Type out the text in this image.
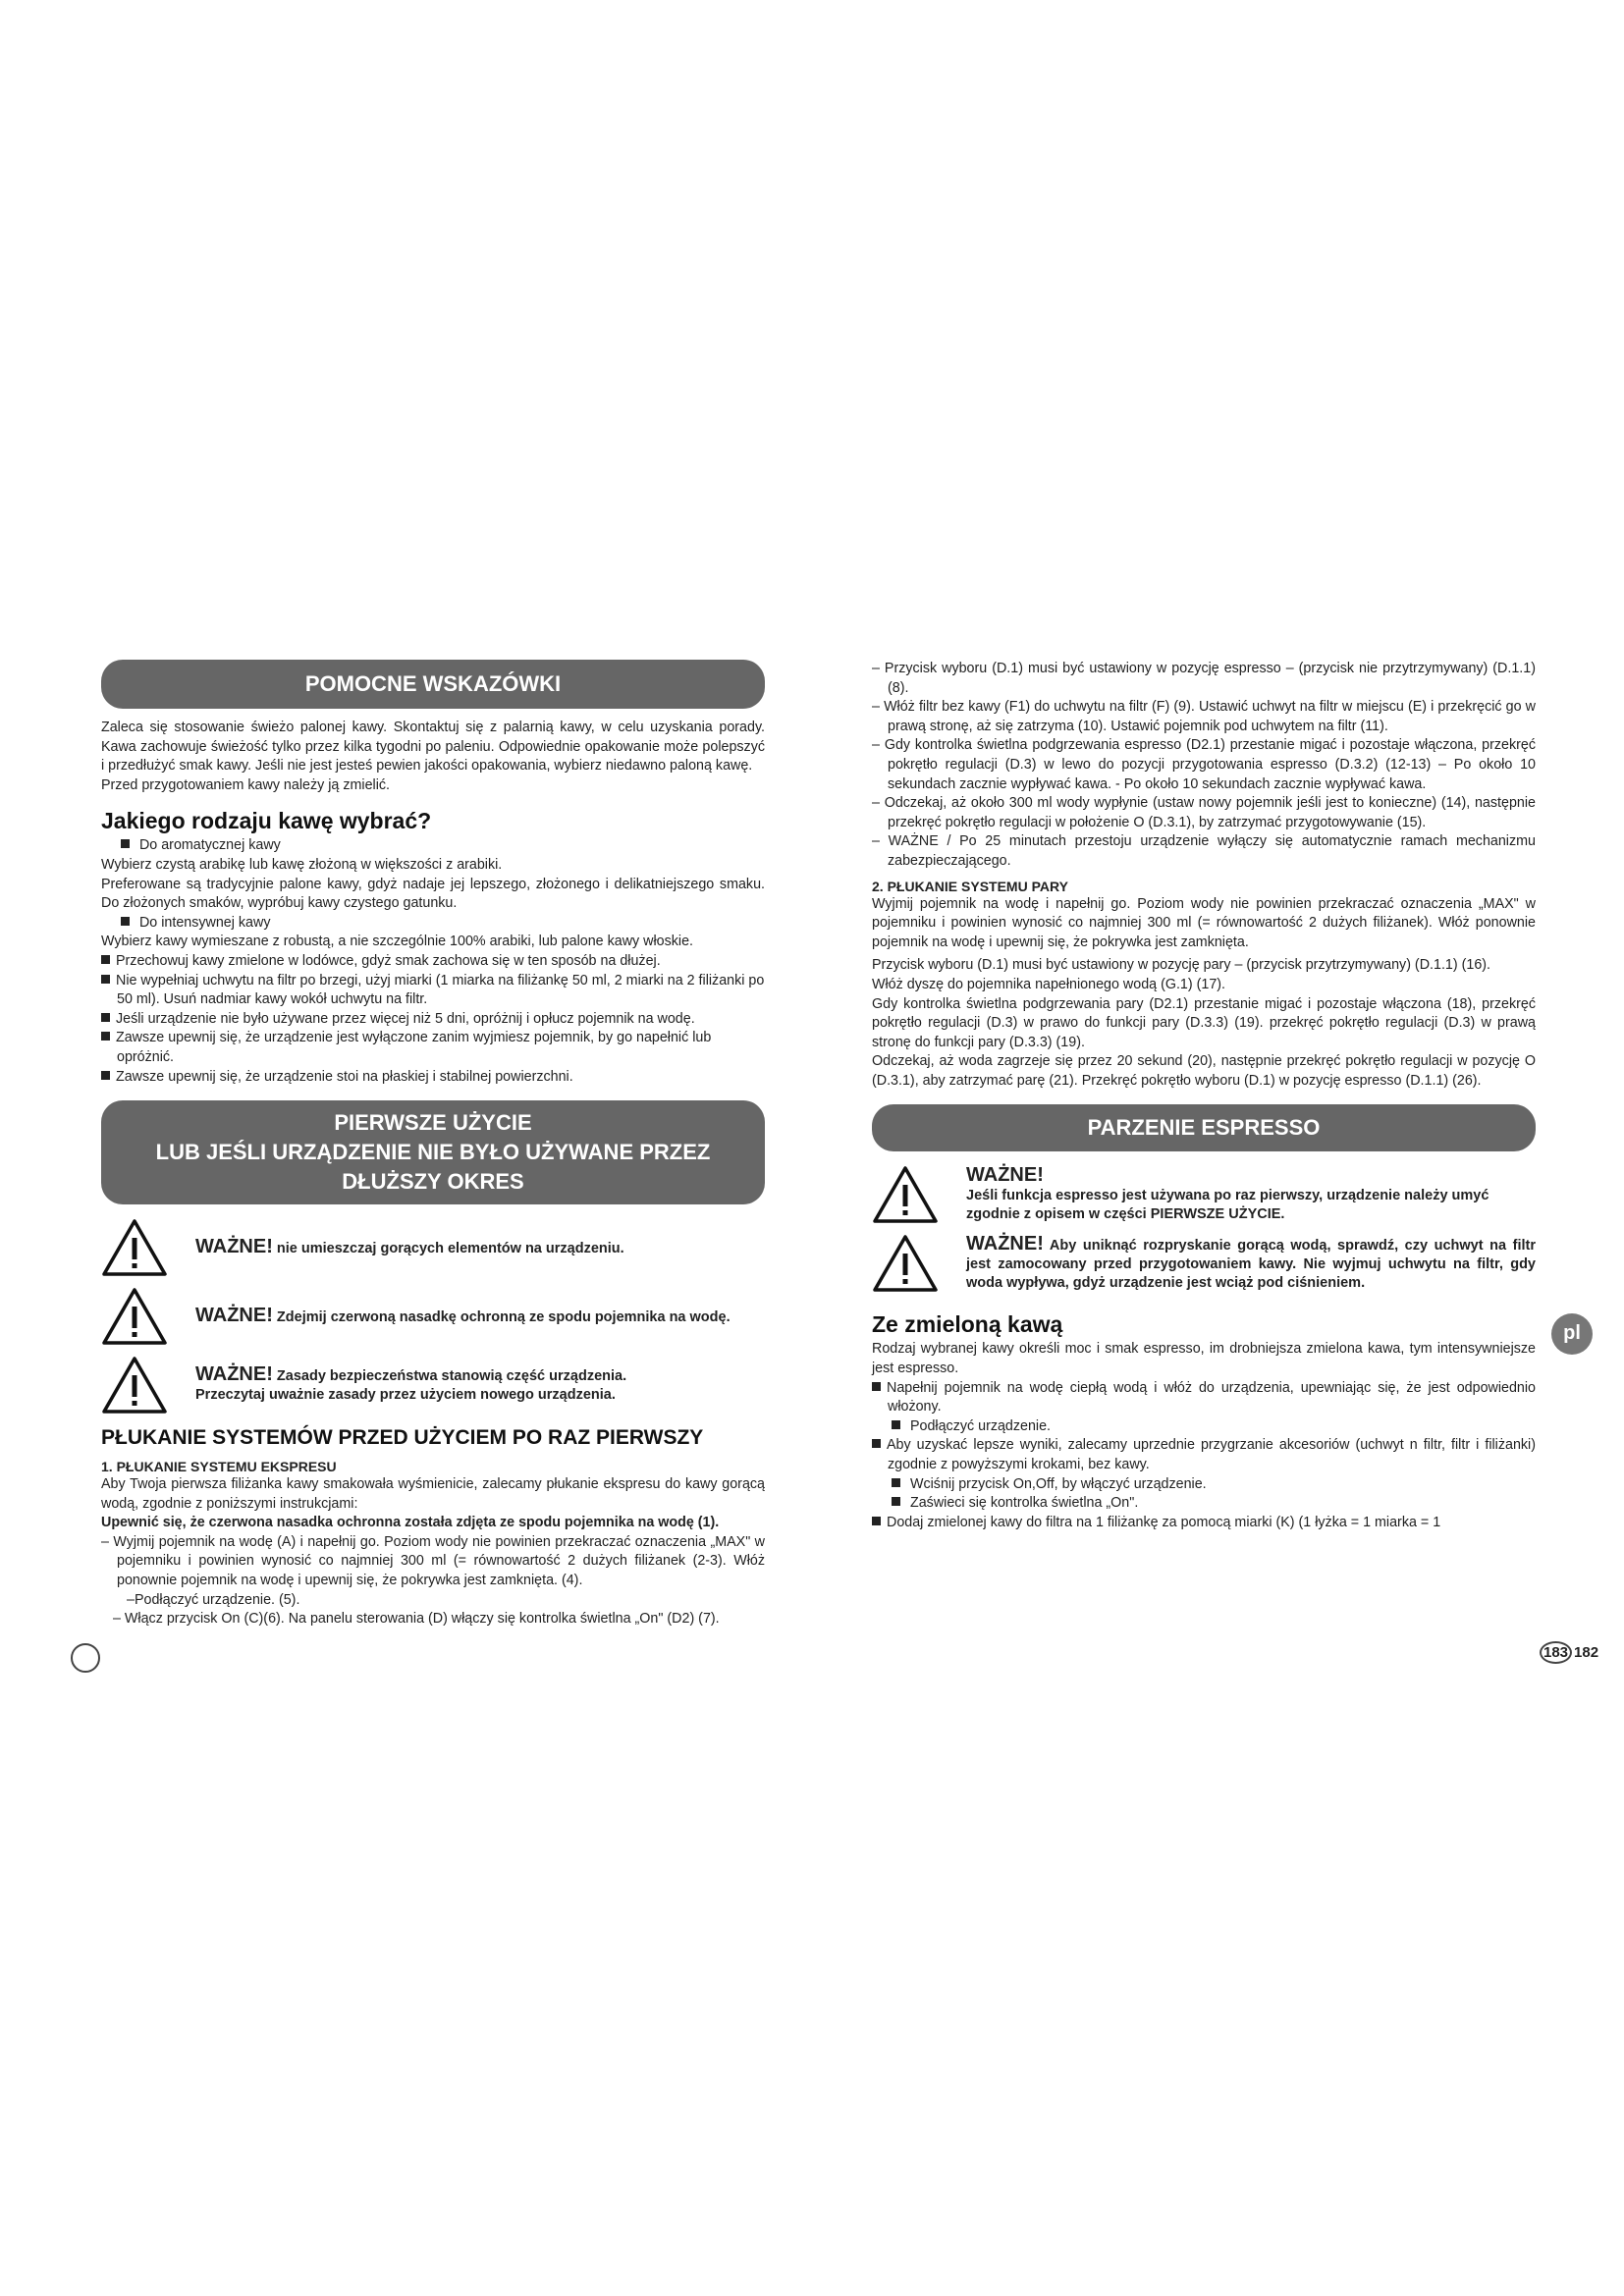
POMOCNE WSKAZÓWKI

Zaleca się stosowanie świeżo palonej kawy. Skontaktuj się z palarnią kawy, w celu uzyskania porady. Kawa zachowuje świeżość tylko przez kilka tygodni po paleniu. Odpowiednie opakowanie może polepszyć i przedłużyć smak kawy. Jeśli nie jest jesteś pewien jakości opakowania, wybierz niedawno paloną kawę.

Przed przygotowaniem kawy należy ją zmielić.

Jakiego rodzaju kawę wybrać?

Do aromatycznej kawy

Wybierz czystą arabikę lub kawę złożoną w większości z arabiki.

Preferowane są tradycyjnie palone kawy, gdyż nadaje jej lepszego, złożonego i delikatniejszego smaku. Do złożonych smaków, wypróbuj kawy czystego gatunku.

Do intensywnej kawy

Wybierz kawy wymieszane z robustą, a nie szczególnie 100% arabiki, lub palone kawy włoskie.

Przechowuj kawy zmielone w lodówce, gdyż smak zachowa się w ten sposób na dłużej.

Nie wypełniaj uchwytu na filtr po brzegi, użyj miarki (1 miarka na filiżankę 50 ml, 2 miarki na 2 filiżanki po 50 ml). Usuń nadmiar kawy wokół uchwytu na filtr.

Jeśli urządzenie nie było używane przez więcej niż 5 dni, opróżnij i opłucz pojemnik na wodę.

Zawsze upewnij się, że urządzenie jest wyłączone zanim wyjmiesz pojemnik, by go napełnić lub opróżnić.

Zawsze upewnij się, że urządzenie stoi na płaskiej i stabilnej powierzchni.

PIERWSZE UŻYCIE
LUB JEŚLI URZĄDZENIE NIE BYŁO UŻYWANE PRZEZ
DŁUŻSZY OKRES
WAŻNE! nie umieszczaj gorących elementów na urządzeniu.
WAŻNE! Zdejmij czerwoną nasadkę ochronną ze spodu pojemnika na wodę.
WAŻNE! Zasady bezpieczeństwa stanowią część urządzenia.
Przeczytaj uważnie zasady przez użyciem nowego urządzenia.
PŁUKANIE SYSTEMÓW PRZED UŻYCIEM PO RAZ PIERWSZY
1. PŁUKANIE SYSTEMU EKSPRESU

Aby Twoja pierwsza filiżanka kawy smakowała wyśmienicie, zalecamy płukanie ekspresu do kawy gorącą wodą, zgodnie z poniższymi instrukcjami:

Upewnić się, że czerwona nasadka ochronna została zdjęta ze spodu pojemnika na wodę (1).

– Wyjmij pojemnik na wodę (A) i napełnij go. Poziom wody nie powinien przekraczać oznaczenia „MAX" w pojemniku i powinien wynosić co najmniej 300 ml (= równowartość 2 dużych filiżanek (2-3). Włóż ponownie pojemnik na wodę i upewnij się, że pokrywka jest zamknięta. (4).

–Podłączyć urządzenie. (5).

– Włącz przycisk On (C)(6). Na panelu sterowania (D) włączy się kontrolka świetlna „On" (D2) (7).

– Przycisk wyboru (D.1) musi być ustawiony w pozycję espresso – (przycisk nie przytrzymywany) (D.1.1) (8).

– Włóż filtr bez kawy (F1) do uchwytu na filtr (F) (9). Ustawić uchwyt na filtr w miejscu (E) i przekręcić go w prawą stronę, aż się zatrzyma (10). Ustawić pojemnik pod uchwytem na filtr (11).

– Gdy kontrolka świetlna podgrzewania espresso (D2.1) przestanie migać i pozostaje włączona, przekręć pokrętło regulacji (D.3) w lewo do pozycji przygotowania espresso (D.3.2) (12-13) – Po około 10 sekundach zacznie wypływać kawa. - Po około 10 sekundach zacznie wypływać kawa.

– Odczekaj, aż około 300 ml wody wypłynie (ustaw nowy pojemnik jeśli jest to konieczne) (14), następnie przekręć pokrętło regulacji w położenie O (D.3.1), by zatrzymać przygotowywanie (15).

– WAŻNE / Po 25 minutach przestoju urządzenie wyłączy się automatycznie ramach mechanizmu zabezpieczającego.

2. PŁUKANIE SYSTEMU PARY

Wyjmij pojemnik na wodę i napełnij go. Poziom wody nie powinien przekraczać oznaczenia „MAX" w pojemniku i powinien wynosić co najmniej 300 ml (= równowartość 2 dużych filiżanek). Włóż ponownie pojemnik na wodę i upewnij się, że pokrywka jest zamknięta.

Przycisk wyboru (D.1) musi być ustawiony w pozycję pary – (przycisk przytrzymywany) (D.1.1) (16).

Włóż dyszę do pojemnika napełnionego wodą (G.1) (17).

Gdy kontrolka świetlna podgrzewania pary (D2.1) przestanie migać i pozostaje włączona (18), przekręć pokrętło regulacji (D.3) w prawo do funkcji pary (D.3.3) (19). przekręć pokrętło regulacji (D.3) w prawą stronę do funkcji pary (D.3.3) (19).

Odczekaj, aż woda zagrzeje się przez 20 sekund (20), następnie przekręć pokrętło regulacji w pozycję O (D.3.1), aby zatrzymać parę (21). Przekręć pokrętło wyboru (D.1) w pozycję espresso (D.1.1) (26).

PARZENIE ESPRESSO
WAŻNE!
Jeśli funkcja espresso jest używana po raz pierwszy, urządzenie należy umyć zgodnie z opisem w części PIERWSZE UŻYCIE.
WAŻNE! Aby uniknąć rozpryskanie gorącą wodą, sprawdź, czy uchwyt na filtr jest zamocowany przed przygotowaniem kawy. Nie wyjmuj uchwytu na filtr, gdy woda wypływa, gdyż urządzenie jest wciąż pod ciśnieniem.
Ze zmieloną kawą

Rodzaj wybranej kawy określi moc i smak espresso, im drobniejsza zmielona kawa, tym intensywniejsze jest espresso.

Napełnij pojemnik na wodę ciepłą wodą i włóż do urządzenia, upewniając się, że jest odpowiednio włożony.

Podłączyć urządzenie.

Aby uzyskać lepsze wyniki, zalecamy uprzednie przygrzanie akcesoriów (uchwyt n filtr, filtr i filiżanki) zgodnie z powyższymi krokami, bez kawy.

Wciśnij przycisk On,Off, by włączyć urządzenie.

Zaświeci się kontrolka świetlna „On".

Dodaj zmielonej kawy do filtra na 1 filiżankę za pomocą miarki (K) (1 łyżka = 1 miarka = 1

pl
183 182
